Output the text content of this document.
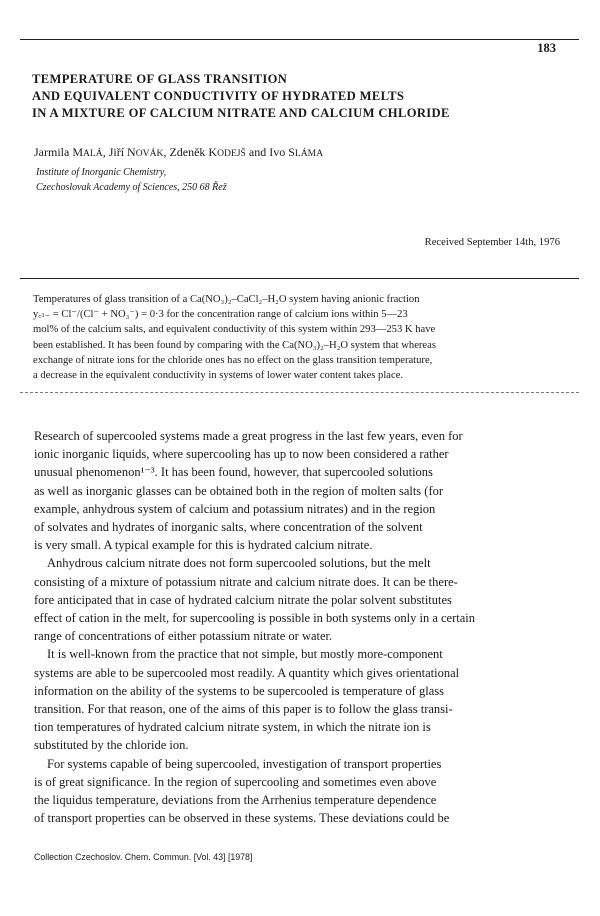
183
TEMPERATURE OF GLASS TRANSITION
AND EQUIVALENT CONDUCTIVITY OF HYDRATED MELTS
IN A MIXTURE OF CALCIUM NITRATE AND CALCIUM CHLORIDE
Jarmila MALÁ, Jiří NOVÁK, Zdeněk KODEJŠ and Ivo SLÁMA
Institute of Inorganic Chemistry,
Czechoslovak Academy of Sciences, 250 68 Řež
Received September 14th, 1976
Temperatures of glass transition of a Ca(NO₃)₂–CaCl₂–H₂O system having anionic fraction
y꜀ₗ₋ = Cl⁻/(Cl⁻ + NO₃⁻) = 0·3 for the concentration range of calcium ions within 5—23
mol% of the calcium salts, and equivalent conductivity of this system within 293—253 K have
been established. It has been found by comparing with the Ca(NO₃)₂–H₂O system that whereas
exchange of nitrate ions for the chloride ones has no effect on the glass transition temperature,
a decrease in the equivalent conductivity in systems of lower water content takes place.
Research of supercooled systems made a great progress in the last few years, even for
ionic inorganic liquids, where supercooling has up to now been considered a rather
unusual phenomenon¹⁻³. It has been found, however, that supercooled solutions
as well as inorganic glasses can be obtained both in the region of molten salts (for
example, anhydrous system of calcium and potassium nitrates) and in the region
of solvates and hydrates of inorganic salts, where concentration of the solvent
is very small. A typical example for this is hydrated calcium nitrate.
Anhydrous calcium nitrate does not form supercooled solutions, but the melt
consisting of a mixture of potassium nitrate and calcium nitrate does. It can be there-
fore anticipated that in case of hydrated calcium nitrate the polar solvent substitutes
effect of cation in the melt, for supercooling is possible in both systems only in a certain
range of concentrations of either potassium nitrate or water.
It is well-known from the practice that not simple, but mostly more-component
systems are able to be supercooled most readily. A quantity which gives orientational
information on the ability of the systems to be supercooled is temperature of glass
transition. For that reason, one of the aims of this paper is to follow the glass transi-
tion temperatures of hydrated calcium nitrate system, in which the nitrate ion is
substituted by the chloride ion.
For systems capable of being supercooled, investigation of transport properties
is of great significance. In the region of supercooling and sometimes even above
the liquidus temperature, deviations from the Arrhenius temperature dependence
of transport properties can be observed in these systems. These deviations could be
Collection Czechoslov. Chem. Commun. [Vol. 43] [1978]
